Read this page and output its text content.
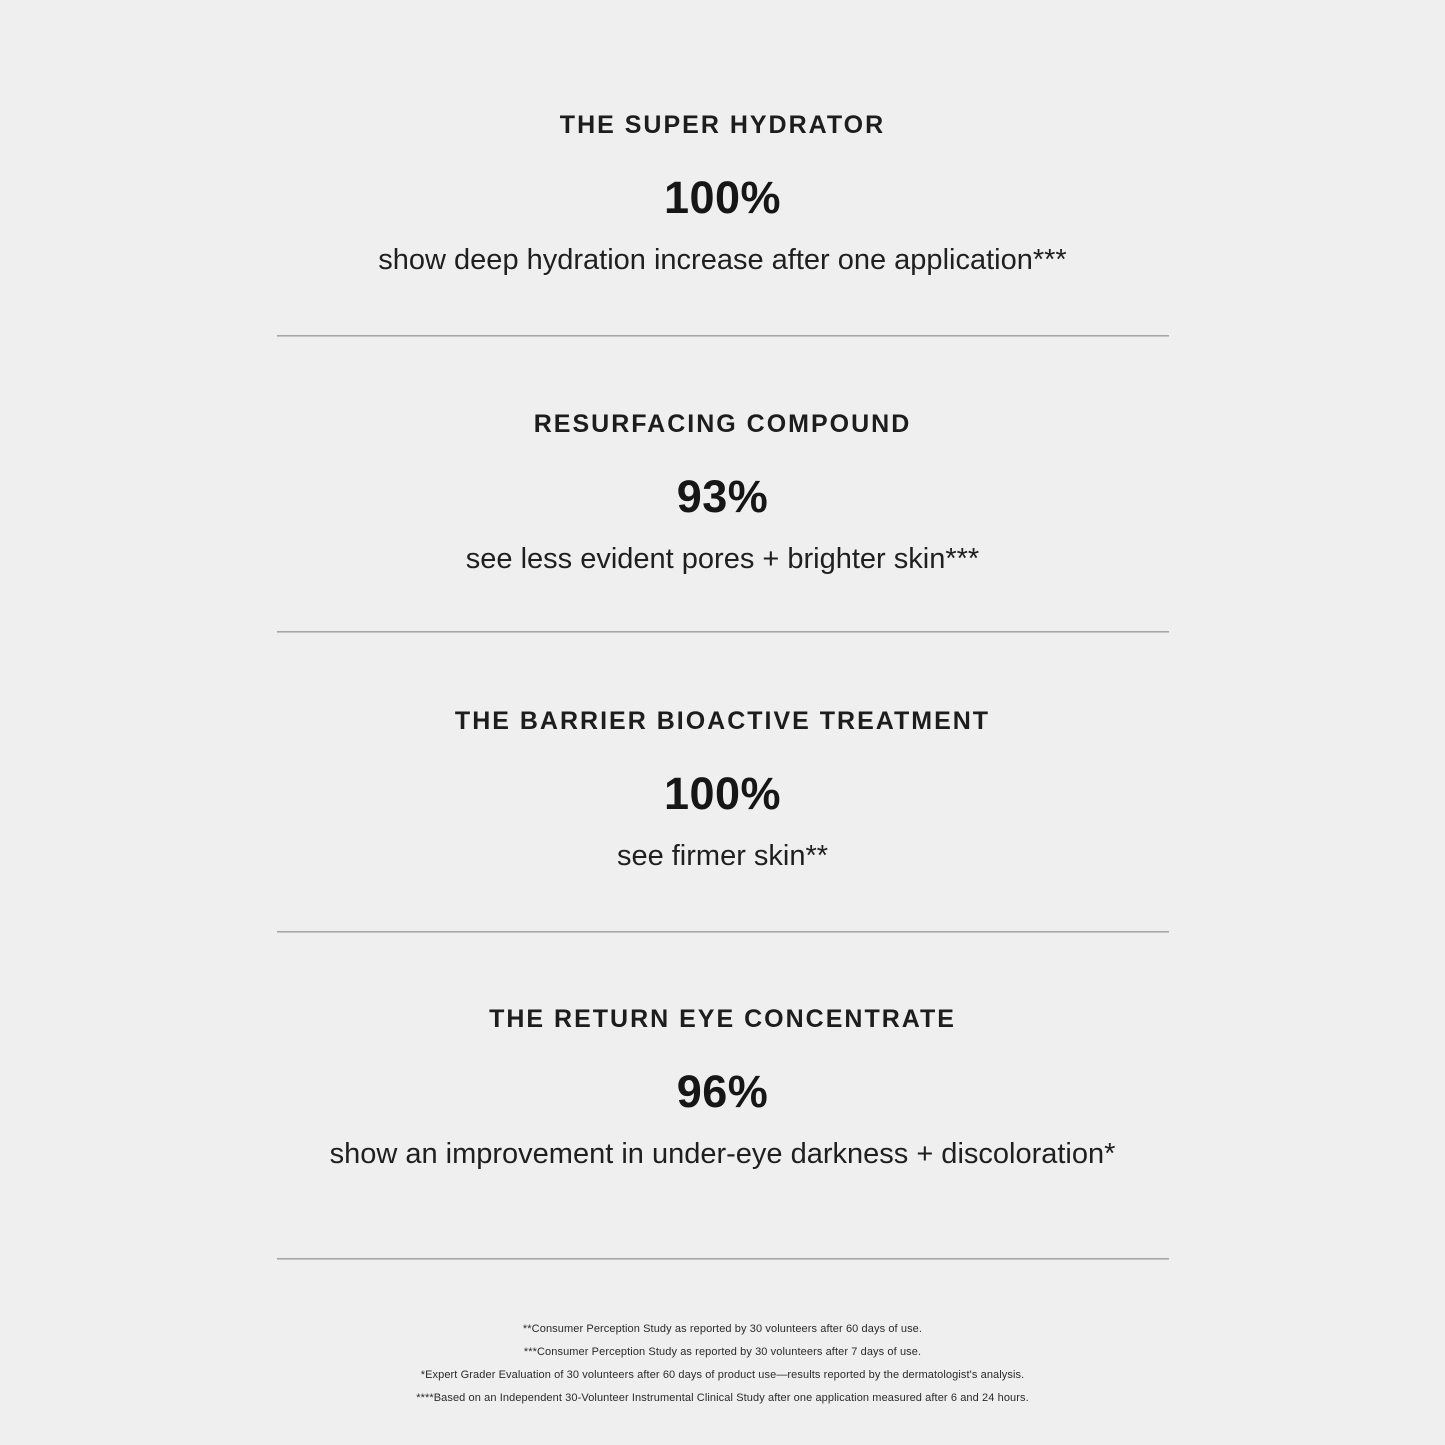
THE SUPER HYDRATOR
100%

show deep hydration increase after one application***

RESURFACING COMPOUND
93%

see less evident pores + brighter skin***

THE BARRIER BIOACTIVE TREATMENT
100%

see firmer skin**

THE RETURN EYE CONCENTRATE
96%

show an improvement in under-eye darkness + discoloration*

**Consumer Perception Study as reported by 30 volunteers after 60 days of use.

***Consumer Perception Study as reported by 30 volunteers after 7 days of use.

*Expert Grader Evaluation of 30 volunteers after 60 days of product use—results reported by the dermatologist's analysis.

****Based on an Independent 30-Volunteer Instrumental Clinical Study after one application measured after 6 and 24 hours.
